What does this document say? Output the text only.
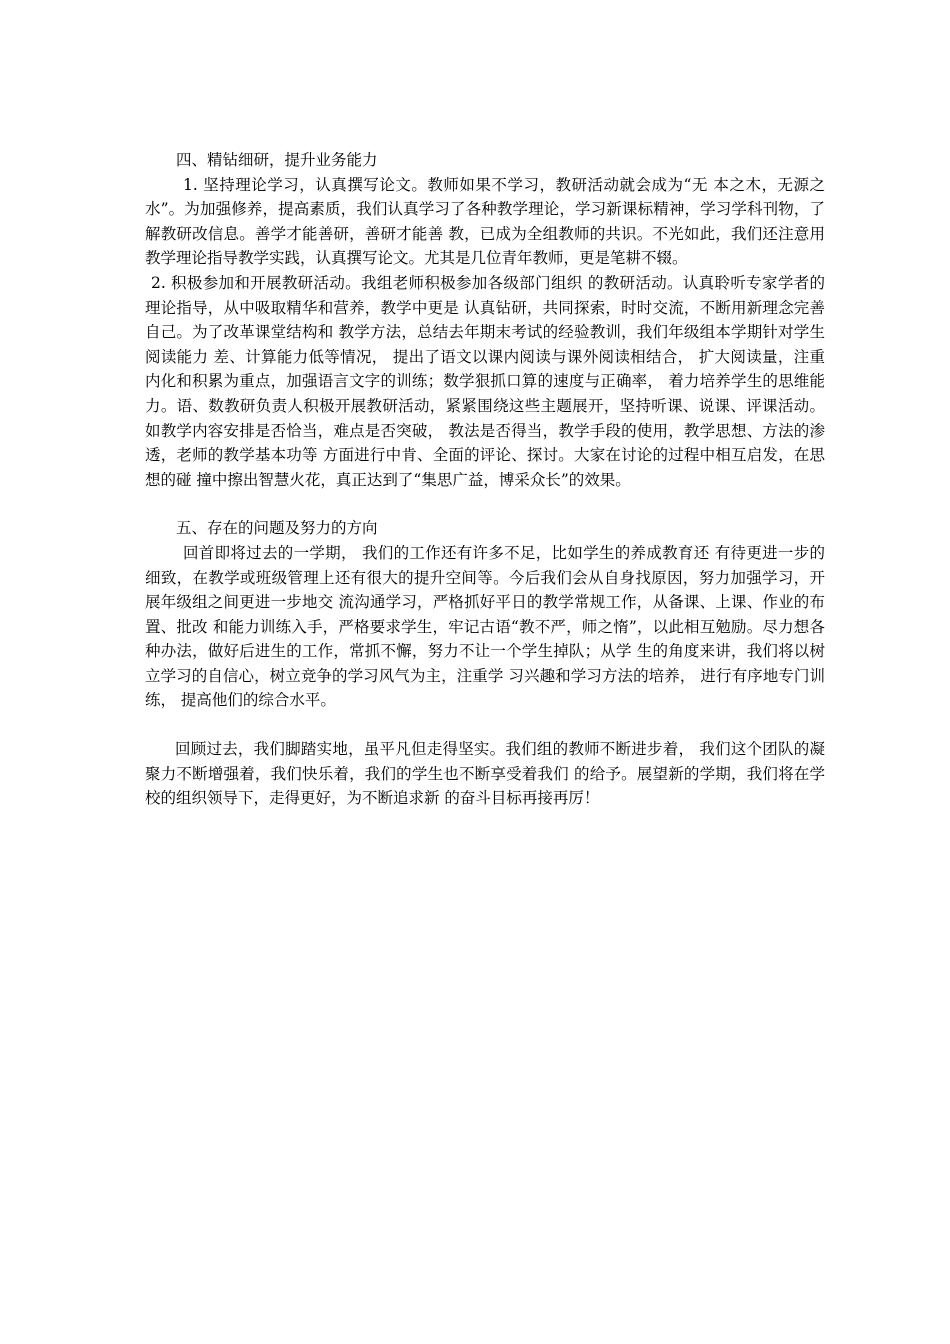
四、精钻细研，提升业务能力

1. 坚持理论学习，认真撰写论文。教师如果不学习，教研活动就会成为“无 本之木，无源之水”。为加强修养，提高素质，我们认真学习了各种教学理论，学习新课标精神，学习学科刊物，了解教研改信息。善学才能善研，善研才能善 教，已成为全组教师的共识。不光如此，我们还注意用教学理论指导教学实践，认真撰写论文。尤其是几位青年教师，更是笔耕不辍。

2. 积极参加和开展教研活动。我组老师积极参加各级部门组织 的教研活动。认真聆听专家学者的理论指导，从中吸取精华和营养，教学中更是 认真钻研，共同探索，时时交流，不断用新理念完善自己。为了改革课堂结构和 教学方法，总结去年期末考试的经验教训，我们年级组本学期针对学生阅读能力 差、计算能力低等情况， 提出了语文以课内阅读与课外阅读相结合， 扩大阅读量，注重内化和积累为重点，加强语言文字的训练；数学狠抓口算的速度与正确率， 着力培养学生的思维能力。语、数教研负责人积极开展教研活动，紧紧围绕这些主题展开，坚持听课、说课、评课活动。如教学内容安排是否恰当，难点是否突破， 教法是否得当，教学手段的使用，教学思想、方法的渗透，老师的教学基本功等 方面进行中肯、全面的评论、探讨。大家在讨论的过程中相互启发，在思想的碰 撞中擦出智慧火花，真正达到了“集思广益，博采众长”的效果。

五、存在的问题及努力的方向

回首即将过去的一学期， 我们的工作还有许多不足，比如学生的养成教育还 有待更进一步的细致，在教学或班级管理上还有很大的提升空间等。今后我们会从自身找原因，努力加强学习，开展年级组之间更进一步地交 流沟通学习，严格抓好平日的教学常规工作，从备课、上课、作业的布置、批改 和能力训练入手，严格要求学生，牢记古语“教不严，师之惰”，以此相互勉励。尽力想各种办法，做好后进生的工作，常抓不懈，努力不让一个学生掉队；从学 生的角度来讲，我们将以树立学习的自信心，树立竞争的学习风气为主，注重学 习兴趣和学习方法的培养， 进行有序地专门训练， 提高他们的综合水平。

回顾过去，我们脚踏实地，虽平凡但走得坚实。我们组的教师不断进步着， 我们这个团队的凝聚力不断增强着，我们快乐着，我们的学生也不断享受着我们 的给予。展望新的学期，我们将在学校的组织领导下，走得更好，为不断追求新 的奋斗目标再接再厉！
